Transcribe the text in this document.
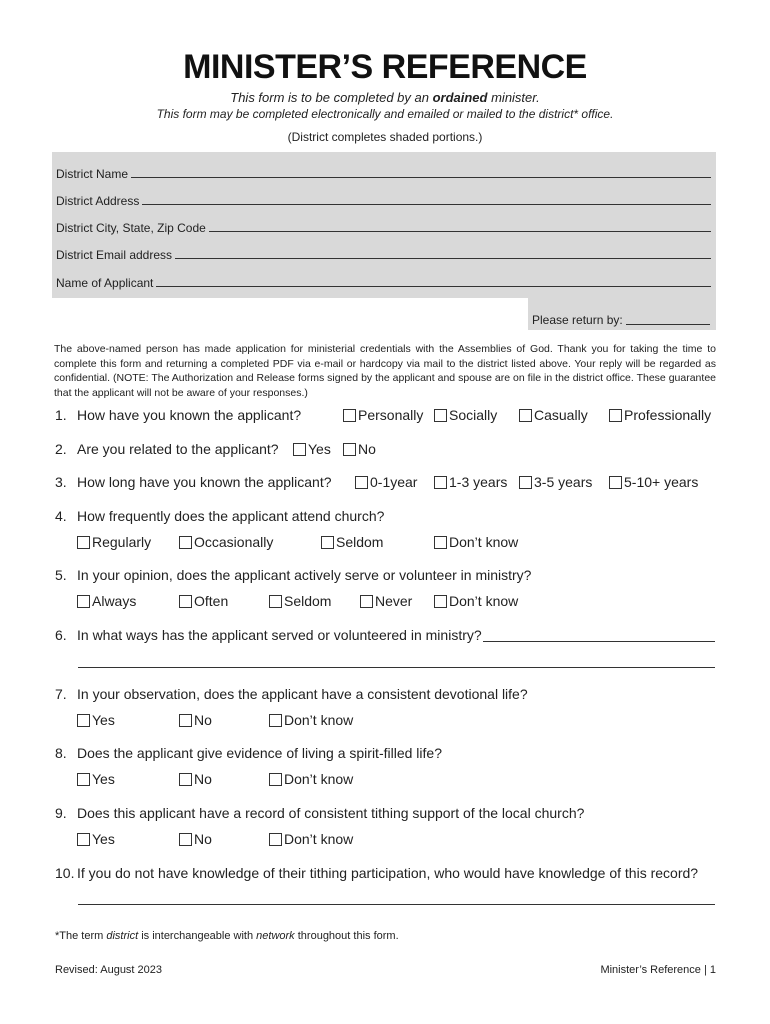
MINISTER’S REFERENCE
This form is to be completed by an ordained minister.
This form may be completed electronically and emailed or mailed to the district* office.
(District completes shaded portions.)
District Name
District Address
District City, State, Zip Code
District Email address
Name of Applicant
Please return by:
The above-named person has made application for ministerial credentials with the Assemblies of God. Thank you for taking the time to complete this form and returning a completed PDF via e-mail or hardcopy via mail to the district listed above. Your reply will be regarded as confidential. (NOTE: The Authorization and Release forms signed by the applicant and spouse are on file in the district office. These guarantee that the applicant will not be aware of your responses.)
1. How have you known the applicant?	Personally Socially	Casually	Professionally
2. Are you related to the applicant? Yes No
3. How long have you known the applicant?	0-1year 1-3 years 3-5 years 5-10+ years
4. How frequently does the applicant attend church?
Regularly	Occasionally	Seldom	Don’t know
5. In your opinion, does the applicant actively serve or volunteer in ministry?
Always	Often	Seldom	Never	Don’t know
6. In what ways has the applicant served or volunteered in ministry?
7. In your observation, does the applicant have a consistent devotional life?
Yes	No	Don’t know
8. Does the applicant give evidence of living a spirit-filled life?
Yes	No	Don’t know
9. Does this applicant have a record of consistent tithing support of the local church?
Yes	No	Don’t know
10. If you do not have knowledge of their tithing participation, who would have knowledge of this record?
*The term district is interchangeable with network throughout this form.
Revised: August 2023	Minister’s Reference | 1
